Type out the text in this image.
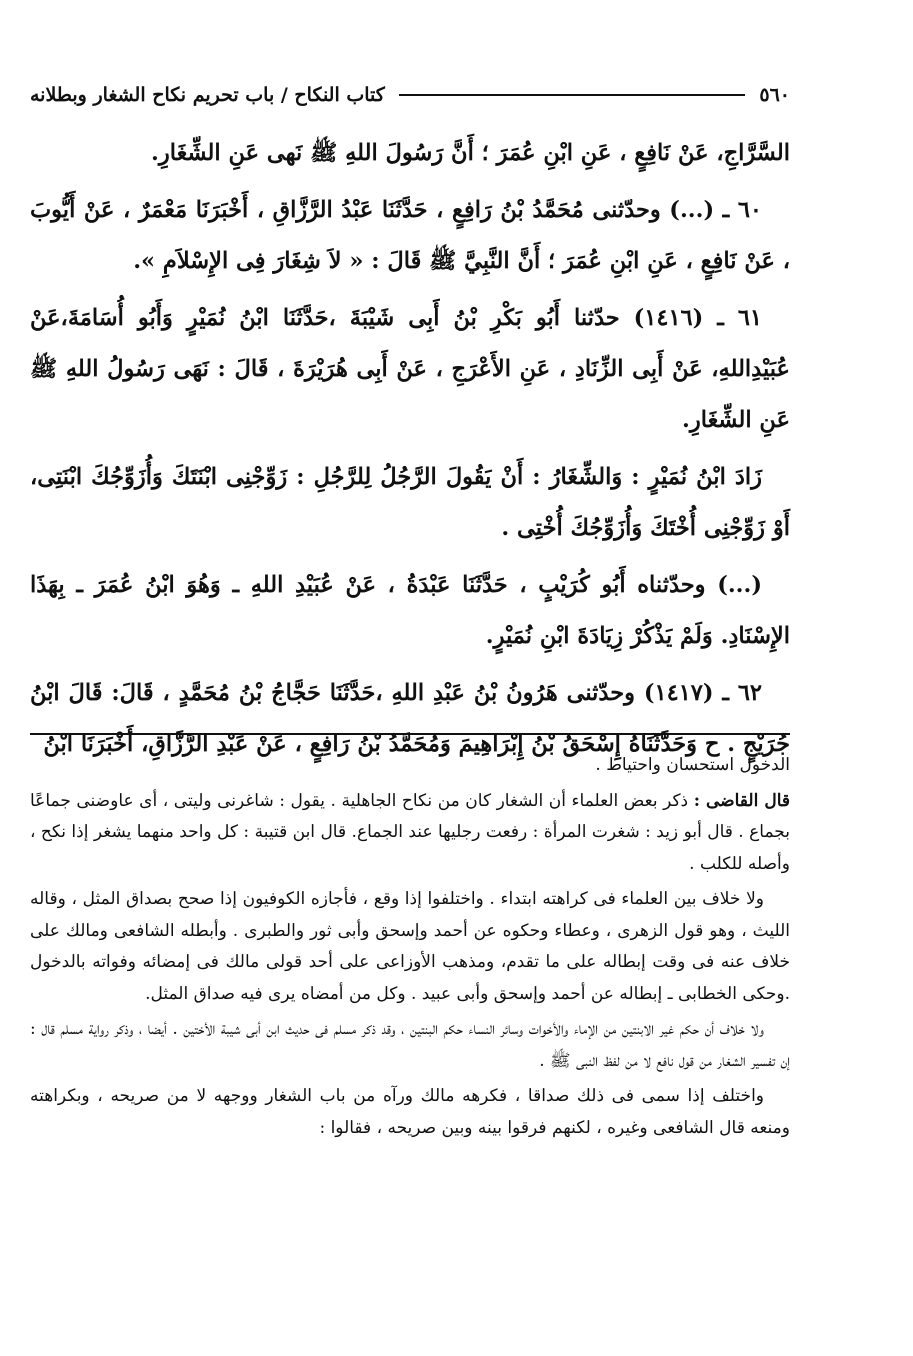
٥٦٠
كتاب النكاح / باب تحريم نكاح الشغار وبطلانه

السَّرَّاجِ، عَنْ نَافِعٍ ، عَنِ ابْنِ عُمَرَ ؛ أَنَّ رَسُولَ اللهِ ﷺ نَهى عَنِ الشِّغَارِ.

٦٠ ـ (...) وحدّثنى مُحَمَّدُ بْنُ رَافِعٍ ، حَدَّثَنَا عَبْدُ الرَّزَّاقِ ، أَخْبَرَنَا مَعْمَرٌ ، عَنْ أَيُّوبَ ، عَنْ نَافِعٍ ، عَنِ ابْنِ عُمَرَ ؛ أَنَّ النَّبِيَّ ﷺ قَالَ : « لاَ شِغَارَ فِى الإِسْلاَمِ ».

٦١ ـ (١٤١٦) حدّثنا أَبُو بَكْرِ بْنُ أَبِى شَيْبَةَ ،حَدَّثَنَا ابْنُ نُمَيْرٍ وَأَبُو أُسَامَةَ،عَنْ عُبَيْدِاللهِ، عَنْ أَبِى الزِّنَادِ ، عَنِ الأَعْرَجِ ، عَنْ أَبِى هُرَيْرَةَ ، قَالَ : نَهَى رَسُولُ اللهِ ﷺ عَنِ الشِّغَارِ.

زَادَ ابْنُ نُمَيْرٍ : وَالشِّغَارُ : أَنْ يَقُولَ الرَّجُلُ لِلرَّجُلِ : زَوِّجْنِى ابْنَتَكَ وَأُزَوِّجُكَ ابْنَتِى، أَوْ زَوِّجْنِى أُخْتَكَ وَأُزَوِّجُكَ أُخْتِى .

(...) وحدّثناه أَبُو كُرَيْبٍ ، حَدَّثَنَا عَبْدَةُ ، عَنْ عُبَيْدِ اللهِ ـ وَهُوَ ابْنُ عُمَرَ ـ بِهَذَا الإِسْنَادِ. وَلَمْ يَذْكُرْ زِيَادَةَ ابْنِ نُمَيْرٍ.

٦٢ ـ (١٤١٧) وحدّثنى هَرُونُ بْنُ عَبْدِ اللهِ ،حَدَّثَنَا حَجَّاجُ بْنُ مُحَمَّدٍ ، قَالَ: قَالَ ابْنُ جُرَيْجٍ . ح وَحَدَّثَنَاهُ إِسْحَقُ بْنُ إِبْرَاهِيمَ وَمُحَمَّدُ بْنُ رَافِعٍ ، عَنْ عَبْدِ الرَّزَّاقِ، أَخْبَرَنَا ابْنُ

الدخول استحسان واحتياط .

قال القاضى : ذكر بعض العلماء أن الشغار كان من نكاح الجاهلية . يقول : شاغرنى وليتى ، أى عاوضنى جماعًا بجماع . قال أبو زيد : شغرت المرأة : رفعت رجليها عند الجماع. قال ابن قتيبة : كل واحد منهما يشغر إذا نكح ، وأصله للكلب .

ولا خلاف بين العلماء فى كراهته ابتداء . واختلفوا إذا وقع ، فأجازه الكوفيون إذا صحح بصداق المثل ، وقاله الليث ، وهو قول الزهرى ، وعطاء وحكوه عن أحمد وإسحق وأبى ثور والطبرى . وأبطله الشافعى ومالك على خلاف عنه فى وقت إبطاله على ما تقدم، ومذهب الأوزاعى على أحد قولى مالك فى إمضائه وفواته بالدخول .وحكى الخطابى ـ إبطاله عن أحمد وإسحق وأبى عبيد . وكل من أمضاه يرى فيه صداق المثل.

ولا خلاف أن حكم غير الابنتين من الإماء والأخوات وسائر النساء حكم البنتين ، وقد ذكر مسلم فى حديث ابن أبى شيبة الأختين . أيضا ، وذكر رواية مسلم قال : إن تفسير الشغار من قول نافع لا من لفظ النبى ﷺ .

واختلف إذا سمى فى ذلك صداقا ، فكرهه مالك ورآه من باب الشغار ووجهه لا من صريحه ، وبكراهته ومنعه قال الشافعى وغيره ، لكنهم فرقوا بينه وبين صريحه ، فقالوا :
